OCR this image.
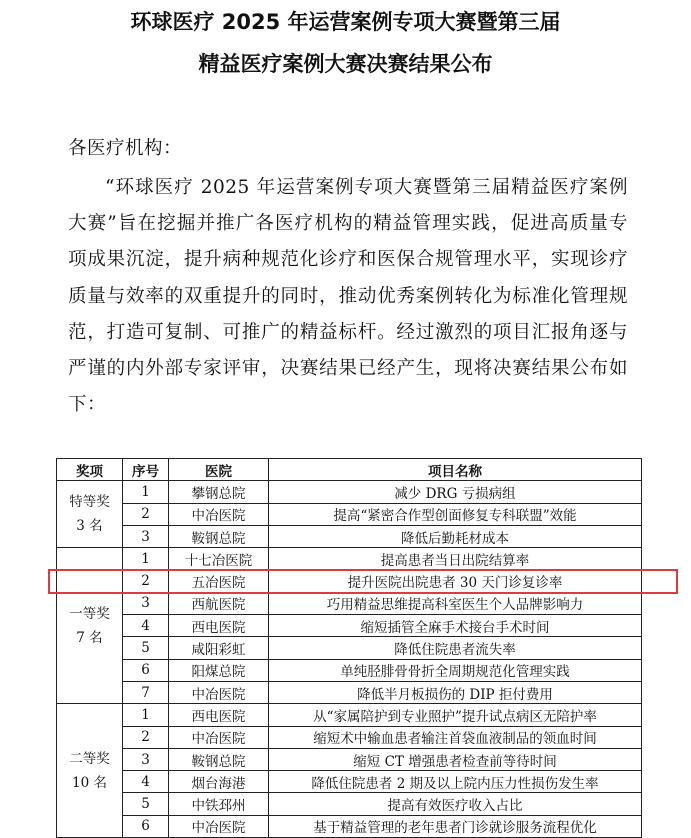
环球医疗 2025 年运营案例专项大赛暨第三届
精益医疗案例大赛决赛结果公布
各医疗机构：
“环球医疗 2025 年运营案例专项大赛暨第三届精益医疗案例大赛”旨在挖掘并推广各医疗机构的精益管理实践，促进高质量专项成果沉淀，提升病种规范化诊疗和医保合规管理水平，实现诊疗质量与效率的双重提升的同时，推动优秀案例转化为标准化管理规范，打造可复制、可推广的精益标杆。经过激烈的项目汇报角逐与严谨的内外部专家评审，决赛结果已经产生，现将决赛结果公布如下：
奖项	序号	医院	项目名称

特等奖
3 名	1	攀钢总院	减少 DRG 亏损病组
	2	中冶医院	提高“紧密合作型创面修复专科联盟”效能
	3	鞍钢总院	降低后勤耗材成本

一等奖
7 名	1	十七冶医院	提高患者当日出院结算率
	2	五冶医院	提升医院出院患者 30 天门诊复诊率
	3	西航医院	巧用精益思维提高科室医生个人品牌影响力
	4	西电医院	缩短插管全麻手术接台手术时间
	5	咸阳彩虹	降低住院患者流失率
	6	阳煤总院	单纯胫腓骨骨折全周期规范化管理实践
	7	中冶医院	降低半月板损伤的 DIP 拒付费用

二等奖
10 名	1	西电医院	从“家属陪护到专业照护”提升试点病区无陪护率
	2	中冶医院	缩短术中输血患者输注首袋血液制品的领血时间
	3	鞍钢总院	缩短 CT 增强患者检查前等待时间
	4	烟台海港	降低住院患者 2 期及以上院内压力性损伤发生率
	5	中铁邳州	提高有效医疗收入占比
	6	中冶医院	基于精益管理的老年患者门诊就诊服务流程优化
